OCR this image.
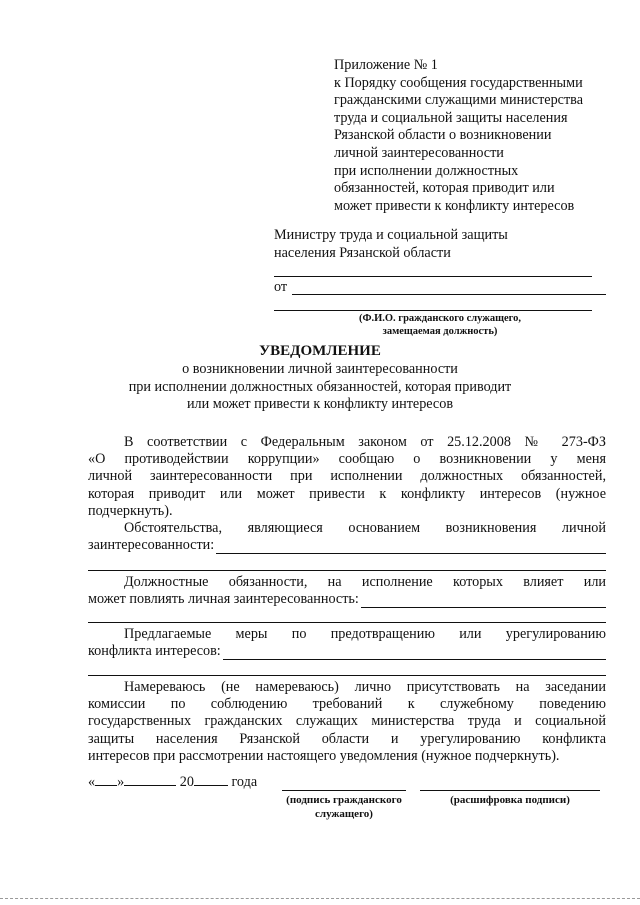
Приложение № 1
к Порядку сообщения государственными
гражданскими служащими министерства
труда и социальной защиты населения
Рязанской области о возникновении
личной заинтересованности
при исполнении должностных
обязанностей, которая приводит или
может привести к конфликту интересов
Министру труда и социальной защиты
населения Рязанской области
от
(Ф.И.О. гражданского служащего,
замещаемая должность)
УВЕДОМЛЕНИЕ
о возникновении личной заинтересованности
при исполнении должностных обязанностей, которая приводит
или может привести к конфликту интересов
В соответствии с Федеральным законом от 25.12.2008 № 273-ФЗ
«О противодействии коррупции» сообщаю о возникновении у меня
личной заинтересованности при исполнении должностных обязанностей,
которая приводит или может привести к конфликту интересов (нужное
подчеркнуть).
Обстоятельства, являющиеся основанием возникновения личной
заинтересованности:
Должностные обязанности, на исполнение которых влияет или
может повлиять личная заинтересованность:
Предлагаемые меры по предотвращению или урегулированию
конфликта интересов:
Намереваюсь (не намереваюсь) лично присутствовать на заседании
комиссии по соблюдению требований к служебному поведению
государственных гражданских служащих министерства труда и социальной
защиты населения Рязанской области и урегулированию конфликта
интересов при рассмотрении настоящего уведомления (нужное подчеркнуть).
« »	20	года
(подпись гражданского
служащего)
(расшифровка подписи)
